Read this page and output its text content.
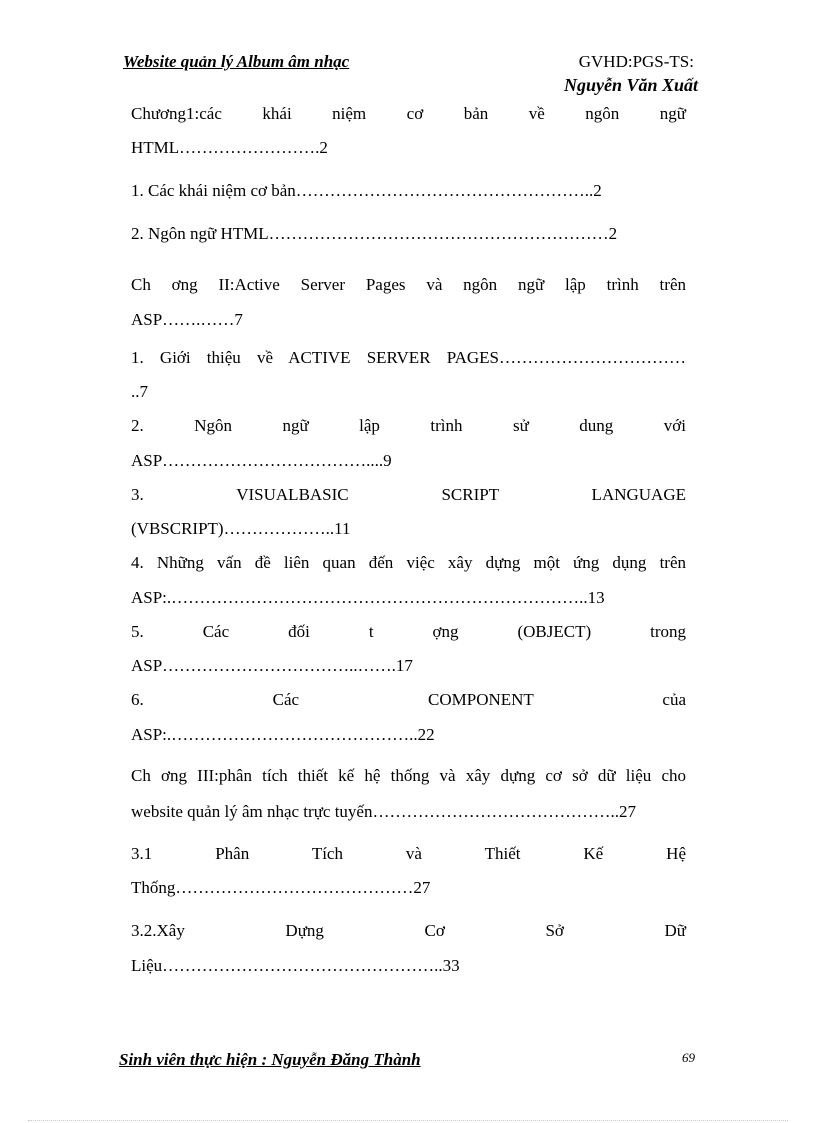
Website quản lý Album âm nhạc	GVHD:PGS-TS:
Nguyễn Văn Xuất
Chương1:các khái niệm cơ bản về ngôn ngữ
HTML…………………….2
1. Các khái niệm cơ bản……………………………………………..2
2. Ngôn ngữ HTML……………………………………………………2
Ch ơng II:Active Server Pages và ngôn ngữ lập trình trên
ASP…….……7
1. Giới thiệu về ACTIVE SERVER PAGES……………………………
..7
2. Ngôn ngữ lập trình sử dung với
ASP………………………………....9
3. VISUALBASIC SCRIPT LANGUAGE
(VBSCRIPT)………………..11
4. Những vấn đề liên quan đến việc xây dựng một ứng dụng trên
ASP:.………………………………………………………………..13
5. Các đối t ợng (OBJECT) trong
ASP……………………………..…….17
6. Các COMPONENT của
ASP:.……………………………………..22
Ch ơng III:phân tích thiết kế hệ thống và xây dựng cơ sở dữ liệu cho
website quản lý âm nhạc trực tuyến……………………………………..27
3.1 Phân Tích và Thiết Kế Hệ
Thống……………………………………27
3.2.Xây Dựng Cơ Sở Dữ
Liệu…………………………………………..33
Sinh viên thực hiện : Nguyễn Đăng Thành	69
